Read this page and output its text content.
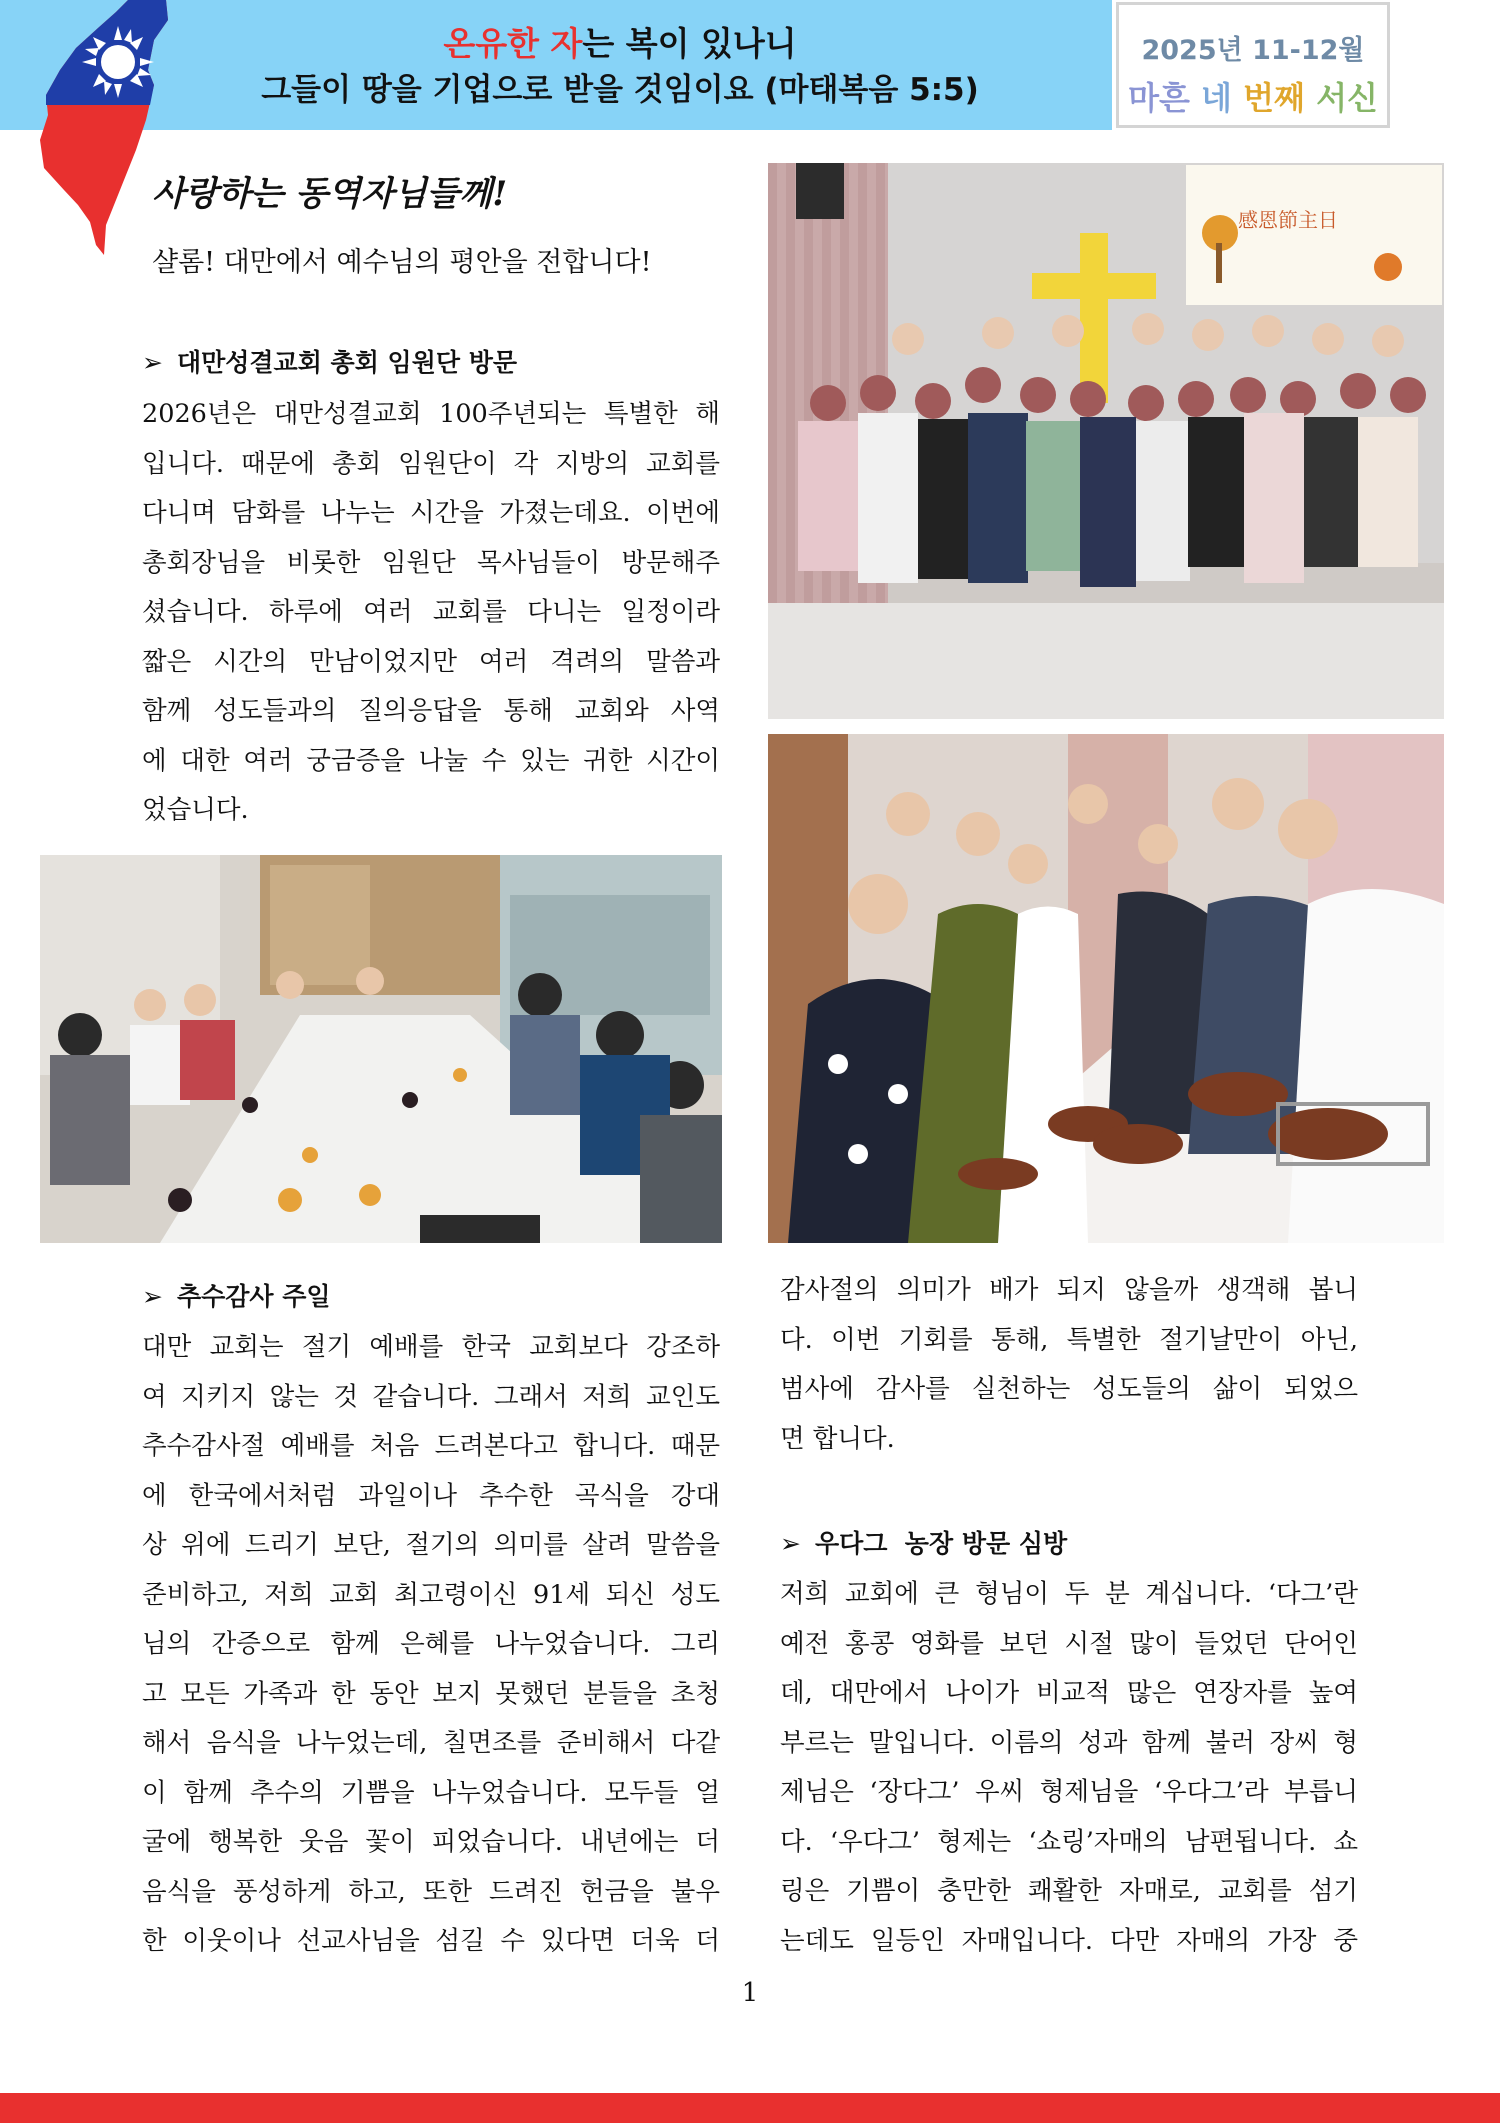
온유한 자는 복이 있나니
그들이 땅을 기업으로 받을 것임이요 (마태복음 5:5)
2025년 11-12월
마흔 네 번째 서신
사랑하는 동역자님들께!
샬롬! 대만에서 예수님의 평안을 전합니다!
➢ 대만성결교회 총회 임원단 방문
2026년은 대만성결교회 100주년되는 특별한 해
입니다. 때문에 총회 임원단이 각 지방의 교회를
다니며 담화를 나누는 시간을 가졌는데요. 이번에
총회장님을 비롯한 임원단 목사님들이 방문해주
셨습니다. 하루에 여러 교회를 다니는 일정이라
짧은 시간의 만남이었지만 여러 격려의 말씀과
함께 성도들과의 질의응답을 통해 교회와 사역
에 대한 여러 궁금증을 나눌 수 있는 귀한 시간이
었습니다.
感恩節主日
➢ 추수감사 주일
대만 교회는 절기 예배를 한국 교회보다 강조하
여 지키지 않는 것 같습니다. 그래서 저희 교인도
추수감사절 예배를 처음 드려본다고 합니다. 때문
에 한국에서처럼 과일이나 추수한 곡식을 강대
상 위에 드리기 보단, 절기의 의미를 살려 말씀을
준비하고, 저희 교회 최고령이신 91세 되신 성도
님의 간증으로 함께 은혜를 나누었습니다. 그리
고 모든 가족과 한 동안 보지 못했던 분들을 초청
해서 음식을 나누었는데, 칠면조를 준비해서 다같
이 함께 추수의 기쁨을 나누었습니다. 모두들 얼
굴에 행복한 웃음 꽃이 피었습니다. 내년에는 더
음식을 풍성하게 하고, 또한 드려진 헌금을 불우
한 이웃이나 선교사님을 섬길 수 있다면 더욱 더
감사절의 의미가 배가 되지 않을까 생객해 봅니
다. 이번 기회를 통해, 특별한 절기날만이 아닌,
범사에 감사를 실천하는 성도들의 삶이 되었으
면 합니다.
➢ 우다그  농장 방문 심방
저희 교회에 큰 형님이 두 분 계십니다. ‘다그’란
예전 홍콩 영화를 보던 시절 많이 들었던 단어인
데, 대만에서 나이가 비교적 많은 연장자를 높여
부르는 말입니다. 이름의 성과 함께 불러 장씨 형
제님은 ‘장다그’ 우씨 형제님을 ‘우다그’라 부릅니
다. ‘우다그’ 형제는 ‘쇼링’자매의 남편됩니다. 쇼
링은 기쁨이 충만한 쾌활한 자매로, 교회를 섬기
는데도 일등인 자매입니다. 다만 자매의 가장 중
1
